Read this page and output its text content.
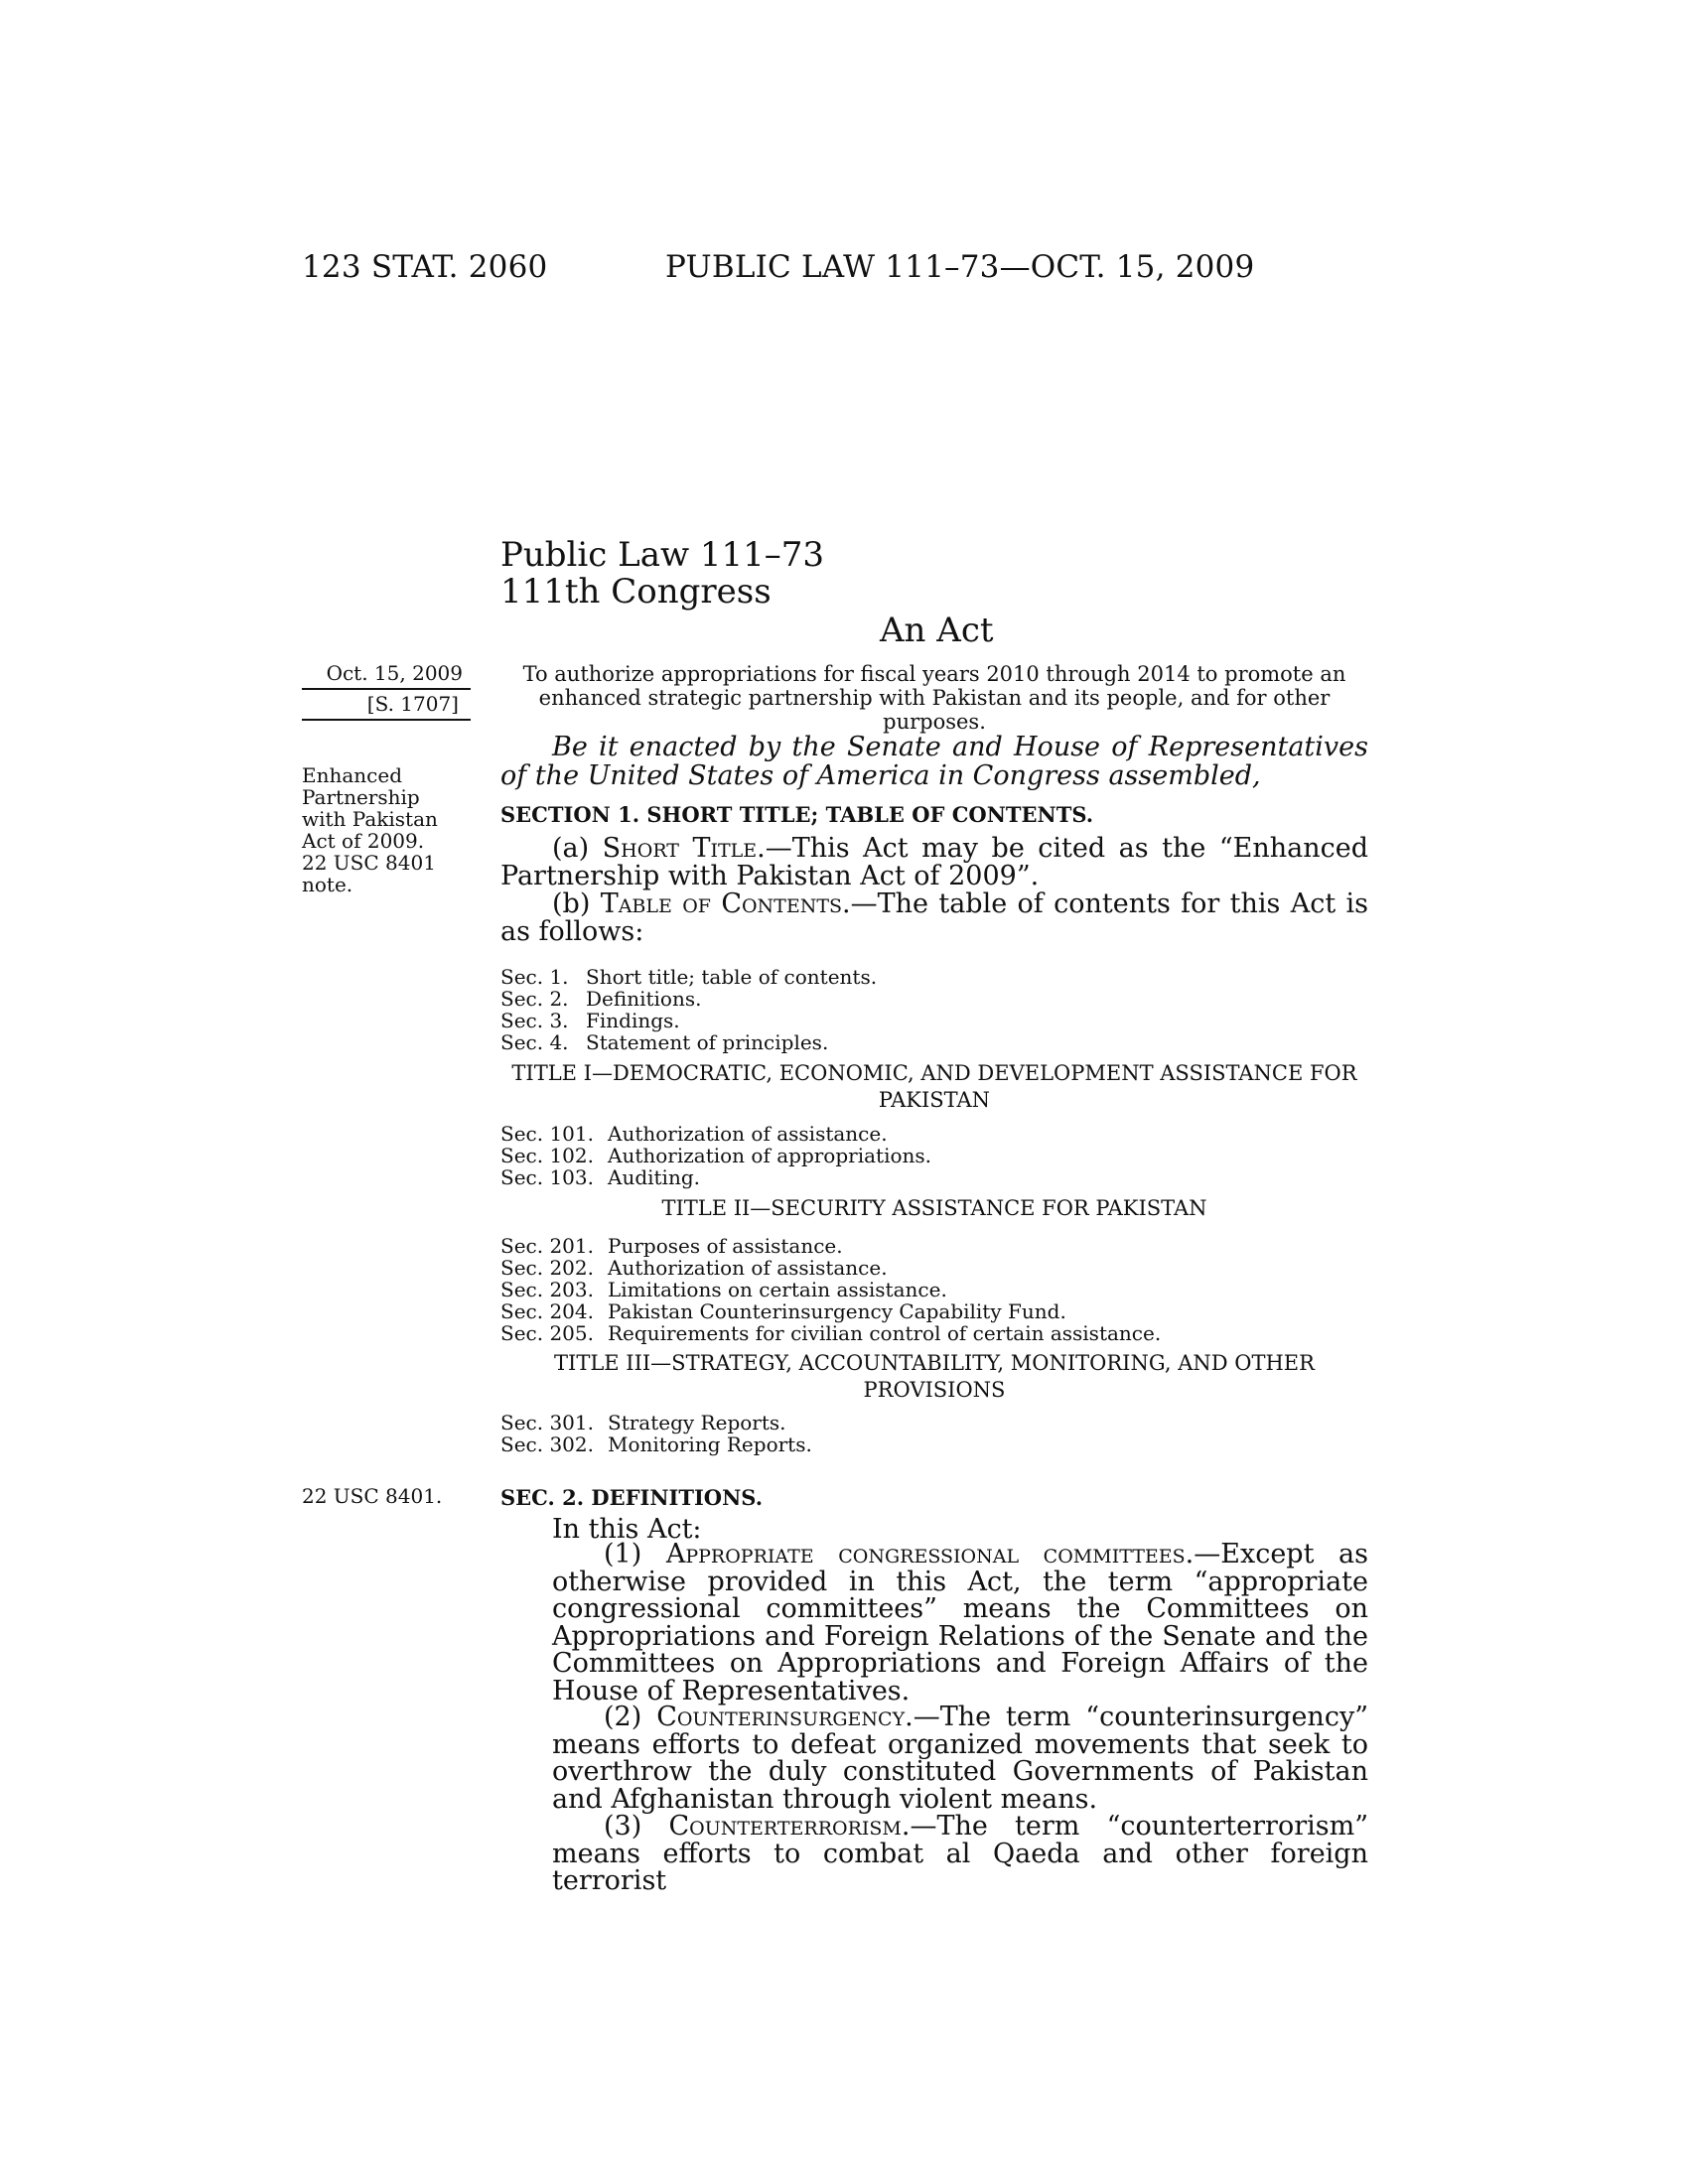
123 STAT. 2060	PUBLIC LAW 111–73—OCT. 15, 2009
Public Law 111–73
111th Congress
An Act
Oct. 15, 2009
[S. 1707]
Enhanced
Partnership
with Pakistan
Act of 2009.
22 USC 8401
note.
22 USC 8401.
To authorize appropriations for fiscal years 2010 through 2014 to promote an enhanced strategic partnership with Pakistan and its people, and for other purposes.
Be it enacted by the Senate and House of Representatives of the United States of America in Congress assembled,
SECTION 1. SHORT TITLE; TABLE OF CONTENTS.
(a) Short Title.—This Act may be cited as the “Enhanced Partnership with Pakistan Act of 2009”.
(b) Table of Contents.—The table of contents for this Act is as follows:
Sec. 1. Short title; table of contents.
Sec. 2. Definitions.
Sec. 3. Findings.
Sec. 4. Statement of principles.
TITLE I—DEMOCRATIC, ECONOMIC, AND DEVELOPMENT ASSISTANCE FOR PAKISTAN
Sec. 101. Authorization of assistance.
Sec. 102. Authorization of appropriations.
Sec. 103. Auditing.
TITLE II—SECURITY ASSISTANCE FOR PAKISTAN
Sec. 201. Purposes of assistance.
Sec. 202. Authorization of assistance.
Sec. 203. Limitations on certain assistance.
Sec. 204. Pakistan Counterinsurgency Capability Fund.
Sec. 205. Requirements for civilian control of certain assistance.
TITLE III—STRATEGY, ACCOUNTABILITY, MONITORING, AND OTHER PROVISIONS
Sec. 301. Strategy Reports.
Sec. 302. Monitoring Reports.
SEC. 2. DEFINITIONS.
In this Act:
(1) Appropriate congressional committees.—Except as otherwise provided in this Act, the term “appropriate congressional committees” means the Committees on Appropriations and Foreign Relations of the Senate and the Committees on Appropriations and Foreign Affairs of the House of Representatives.
(2) Counterinsurgency.—The term “counterinsurgency” means efforts to defeat organized movements that seek to overthrow the duly constituted Governments of Pakistan and Afghanistan through violent means.
(3) Counterterrorism.—The term “counterterrorism” means efforts to combat al Qaeda and other foreign terrorist
